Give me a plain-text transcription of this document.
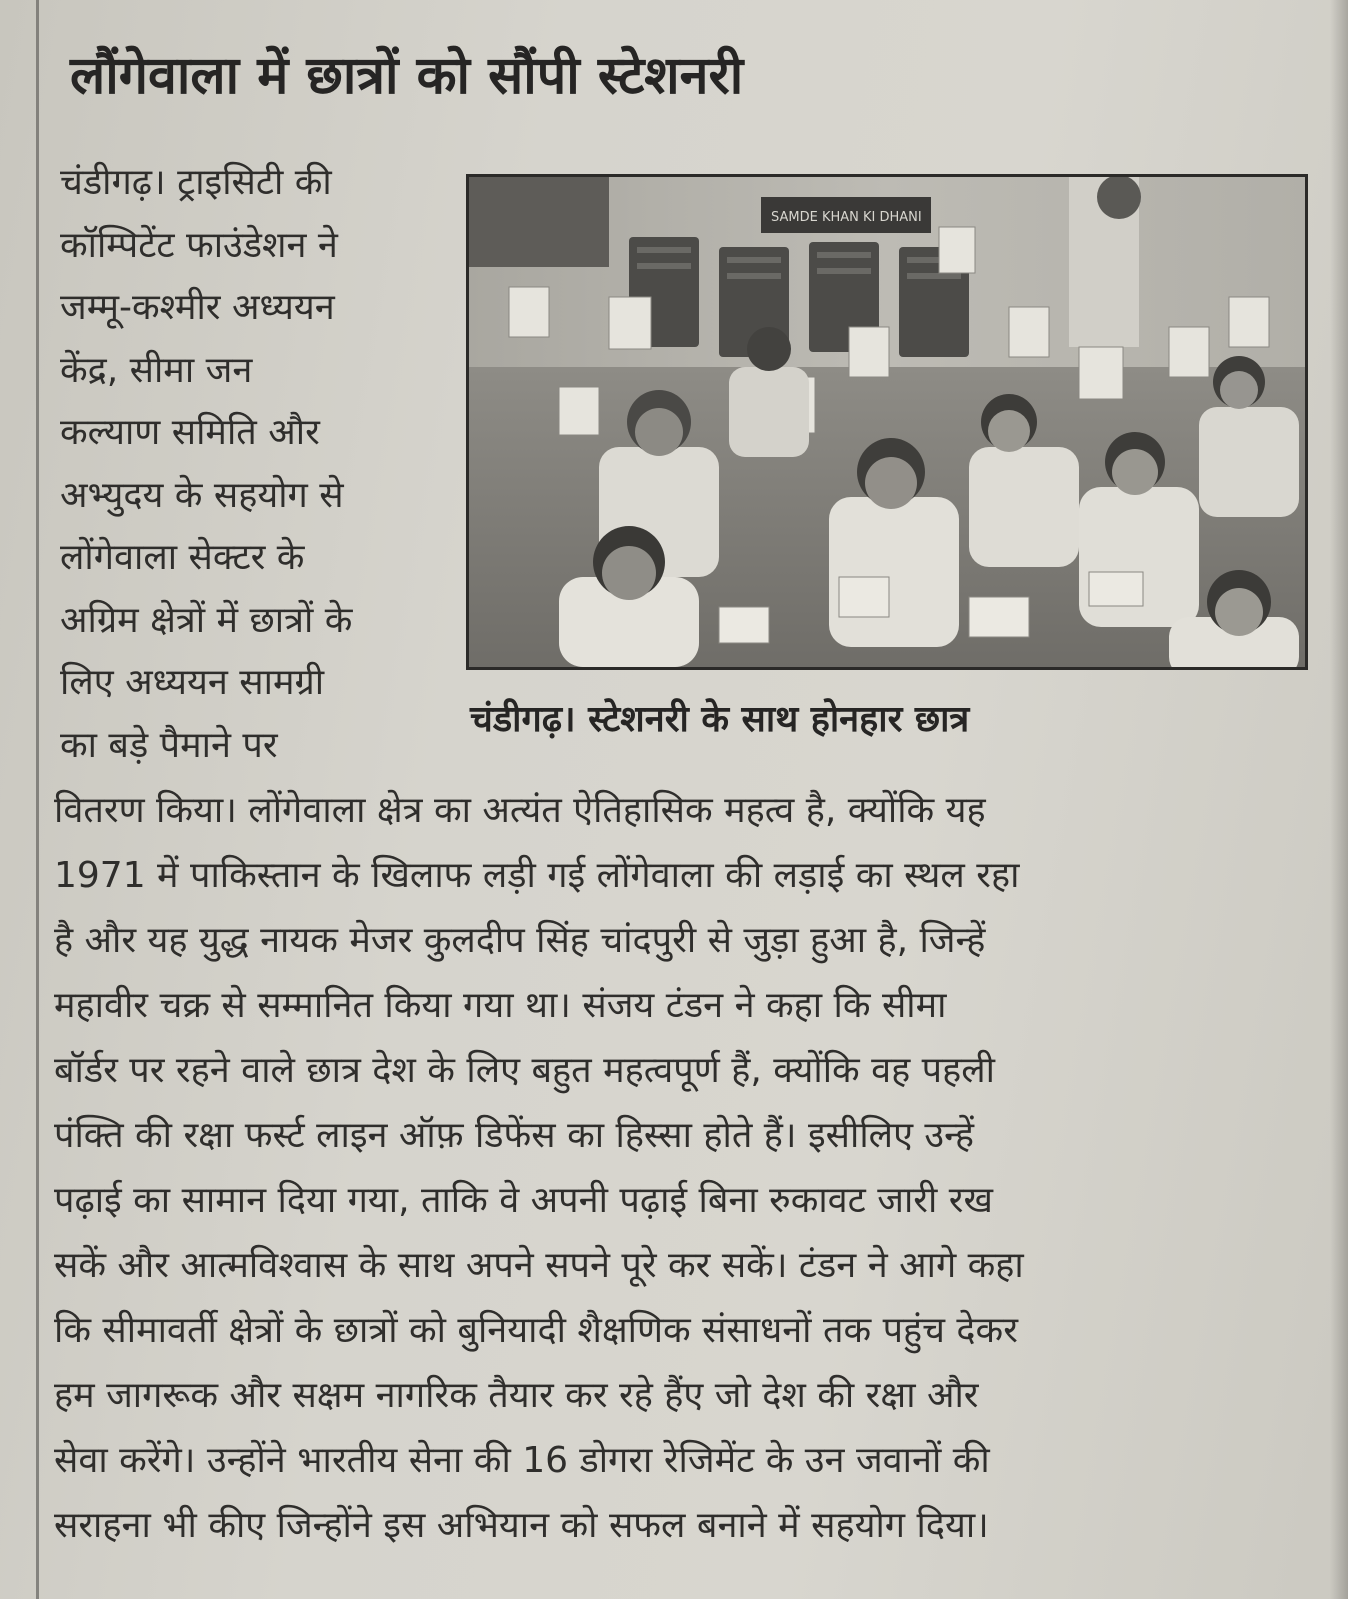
लौंगेवाला में छात्रों को सौंपी स्टेशनरी
चंडीगढ़। ट्राइसिटी की
कॉम्पिटेंट फाउंडेशन ने
जम्मू-कश्मीर अध्ययन
केंद्र, सीमा जन
कल्याण समिति और
अभ्युदय के सहयोग से
लोंगेवाला सेक्टर के
अग्रिम क्षेत्रों में छात्रों के
लिए अध्ययन सामग्री
का बड़े पैमाने पर
SAMDE KHAN KI DHANI

चंडीगढ़। स्टेशनरी के साथ होनहार छात्र

वितरण किया। लोंगेवाला क्षेत्र का अत्यंत ऐतिहासिक महत्व है, क्योंकि यह
1971 में पाकिस्तान के खिलाफ लड़ी गई लोंगेवाला की लड़ाई का स्थल रहा
है और यह युद्ध नायक मेजर कुलदीप सिंह चांदपुरी से जुड़ा हुआ है, जिन्हें
महावीर चक्र से सम्मानित किया गया था। संजय टंडन ने कहा कि सीमा
बॉर्डर पर रहने वाले छात्र देश के लिए बहुत महत्वपूर्ण हैं, क्योंकि वह पहली
पंक्ति की रक्षा फर्स्ट लाइन ऑफ़ डिफेंस का हिस्सा होते हैं। इसीलिए उन्हें
पढ़ाई का सामान दिया गया, ताकि वे अपनी पढ़ाई बिना रुकावट जारी रख
सकें और आत्मविश्वास के साथ अपने सपने पूरे कर सकें। टंडन ने आगे कहा
कि सीमावर्ती क्षेत्रों के छात्रों को बुनियादी शैक्षणिक संसाधनों तक पहुंच देकर
हम जागरूक और सक्षम नागरिक तैयार कर रहे हैंए जो देश की रक्षा और
सेवा करेंगे। उन्होंने भारतीय सेना की 16 डोगरा रेजिमेंट के उन जवानों की
सराहना भी कीए जिन्होंने इस अभियान को सफल बनाने में सहयोग दिया।
